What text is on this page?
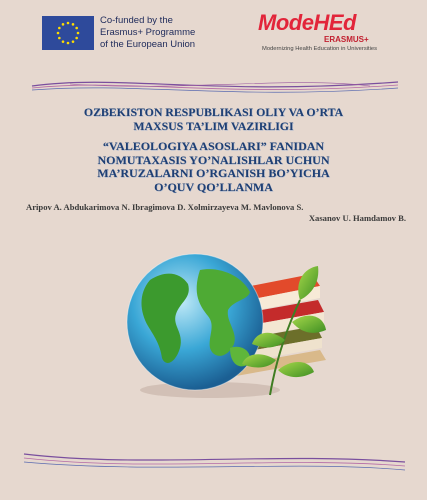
Co-funded by the
Erasmus+ Programme
of the European Union
ModeHEd
ERASMUS+
Modernizing Health Education in Universities
OZBEKISTON RESPUBLIKASI OLIY VA O’RTA
MAXSUS TA’LIM VAZIRLIGI
“VALEOLOGIYA ASOSLARI” FANIDAN
NOMUTAXASIS YO’NALISHLAR UCHUN
MA’RUZALARNI O’RGANISH BO’YICHA
O’QUV QO’LLANMA
Aripov A. Abdukarimova N. Ibragimova D. Xolmirzayeva M. Mavlonova S.
Xasanov U. Hamdamov B.
